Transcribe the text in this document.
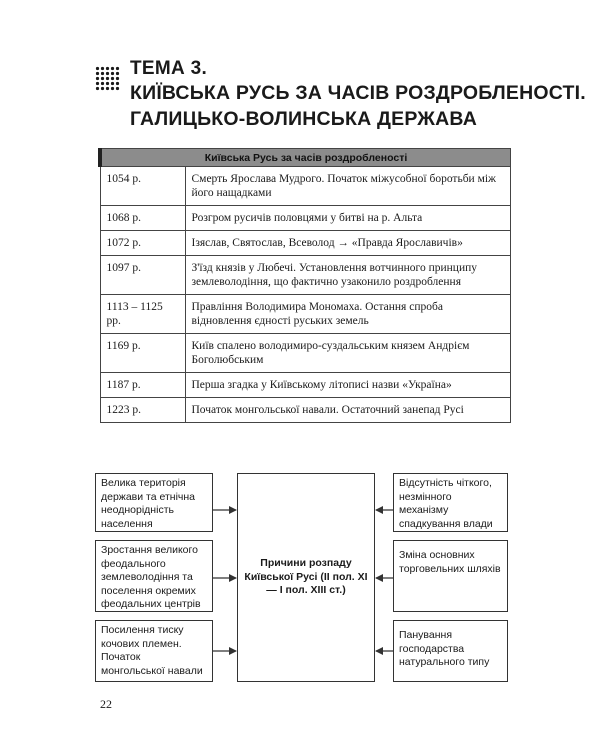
ТЕМА 3.
КИЇВСЬКА РУСЬ ЗА ЧАСІВ РОЗДРОБЛЕНОСТІ.
ГАЛИЦЬКО-ВОЛИНСЬКА ДЕРЖАВА
Київська Русь за часів роздробленості	
1054 р.	Смерть Ярослава Мудрого. Початок міжусобної боротьби між його нащадками
1068 р.	Розгром русичів половцями у битві на р. Альта
1072 р.	Ізяслав, Святослав, Всеволод → «Правда Ярославичів»
1097 р.	З'їзд князів у Любечі. Установлення вотчинного принципу землеволодіння, що фактично узаконило роздроблення
1113 – 1125 рр.	Правління Володимира Мономаха. Остання спроба відновлення єдності руських земель
1169 р.	Київ спалено володимиро-суздальським князем Андрієм Боголюбським
1187 р.	Перша згадка у Київському літописі назви «Україна»
1223 р.	Початок монгольської навали. Остаточний занепад Русі
Велика територія держави та етнічна неоднорідність населення
Зростання великого феодального землеволодіння та поселення окремих феодальних центрів
Посилення тиску кочових племен. Початок монгольської навали
Причини розпаду Київської Русі (ІІ пол. XI — І пол. XIII ст.)
Відсутність чіткого, незмінного механізму спадкування влади
Зміна основних торговельних шляхів
Панування господарства натурального типу
22
